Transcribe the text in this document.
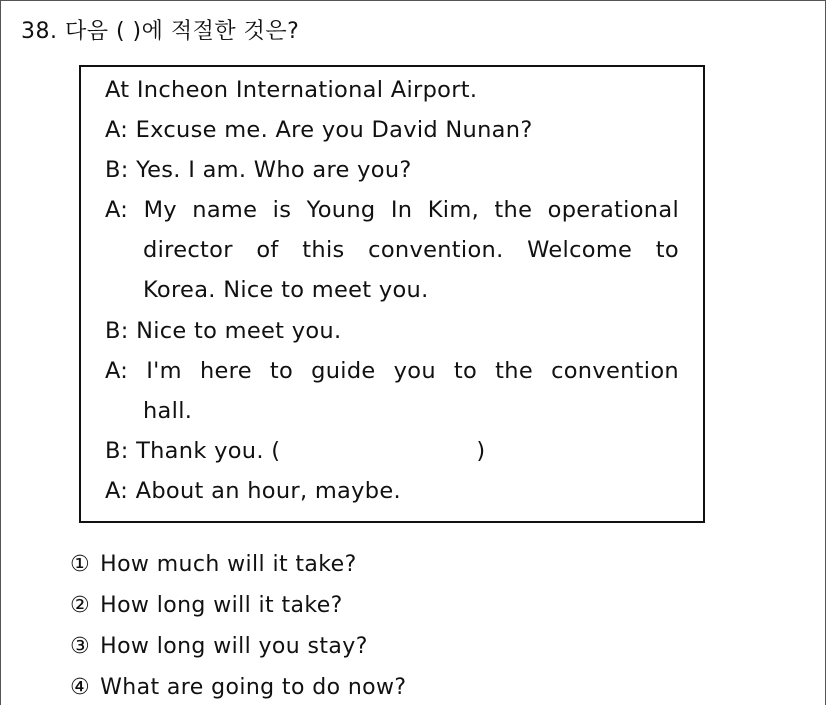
38. 다음 ( )에 적절한 것은?
At Incheon International Airport.
A: Excuse me. Are you David Nunan?
B: Yes. I am. Who are you?
A: My name is Young In Kim, the operational
director of this convention. Welcome to
Korea. Nice to meet you.
B: Nice to meet you.
A: I'm here to guide you to the convention
hall.
B: Thank you. (	)
A: About an hour, maybe.
① How much will it take?
② How long will it take?
③ How long will you stay?
④ What are going to do now?
